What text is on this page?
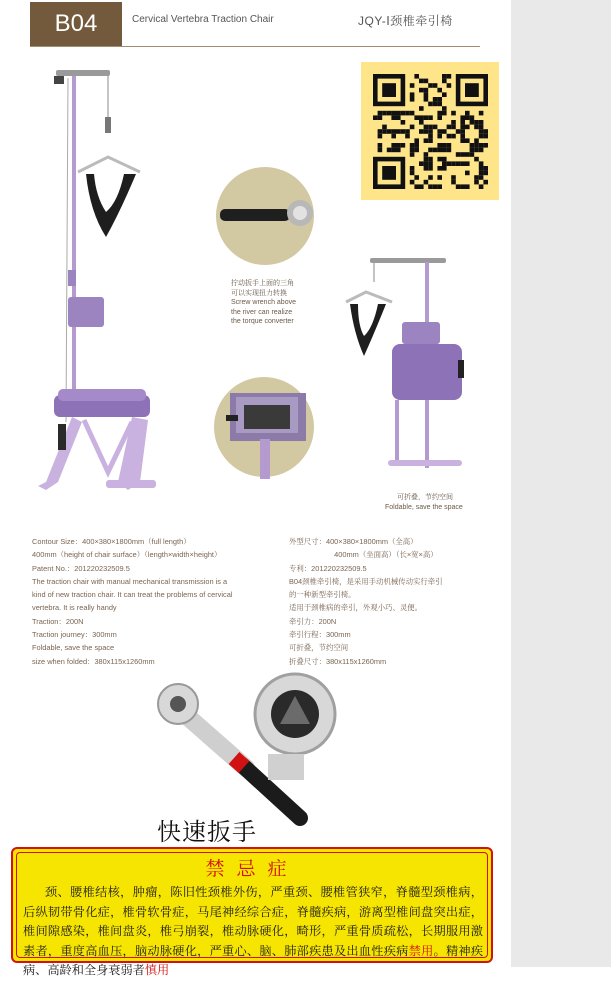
B04	Cervical Vertebra Traction Chair	JQY-Ⅰ颈椎牵引椅
拧动扳手上面的三角
可以实现扭力转换
Screw wrench above
the river can realize
the torque converter
可折叠，节约空间
Foldable, save the space
Contour Size：400×380×1800mm（full length）
400mm（height of chair surface）（length×width×height）
Patent No.：201220232509.5
The traction chair with manual mechanical transmission is a
kind of new traction chair. It can treat the problems of cervical
vertebra. It is really handy
Traction：200N
Traction journey：300mm
Foldable, save the space
size when folded：380x115x1260mm
外型尺寸：400×380×1800mm（全高）
400mm（坐面高）（长×宽×高）
专利：201220232509.5
B04颈椎牵引椅，是采用手动机械传动实行牵引
的一种新型牵引椅。
适用于颈椎病的牵引，外观小巧、灵便。
牵引力：200N
牵引行程：300mm
可折叠，节约空间
折叠尺寸：380x115x1260mm
快速扳手
禁忌症
颈、腰椎结核，肿瘤，陈旧性颈椎外伤，严重颈、腰椎管狭窄，脊髓型颈椎病，后纵韧带骨化症，椎骨软骨症，马尾神经综合症，脊髓疾病，游离型椎间盘突出症，椎间隙感染，椎间盘炎，椎弓崩裂，椎动脉硬化，畸形，严重骨质疏松，长期服用激素者，重度高血压，脑动脉硬化，严重心、脑、肺部疾患及出血性疾病禁用。精神疾病、高龄和全身衰弱者慎用
